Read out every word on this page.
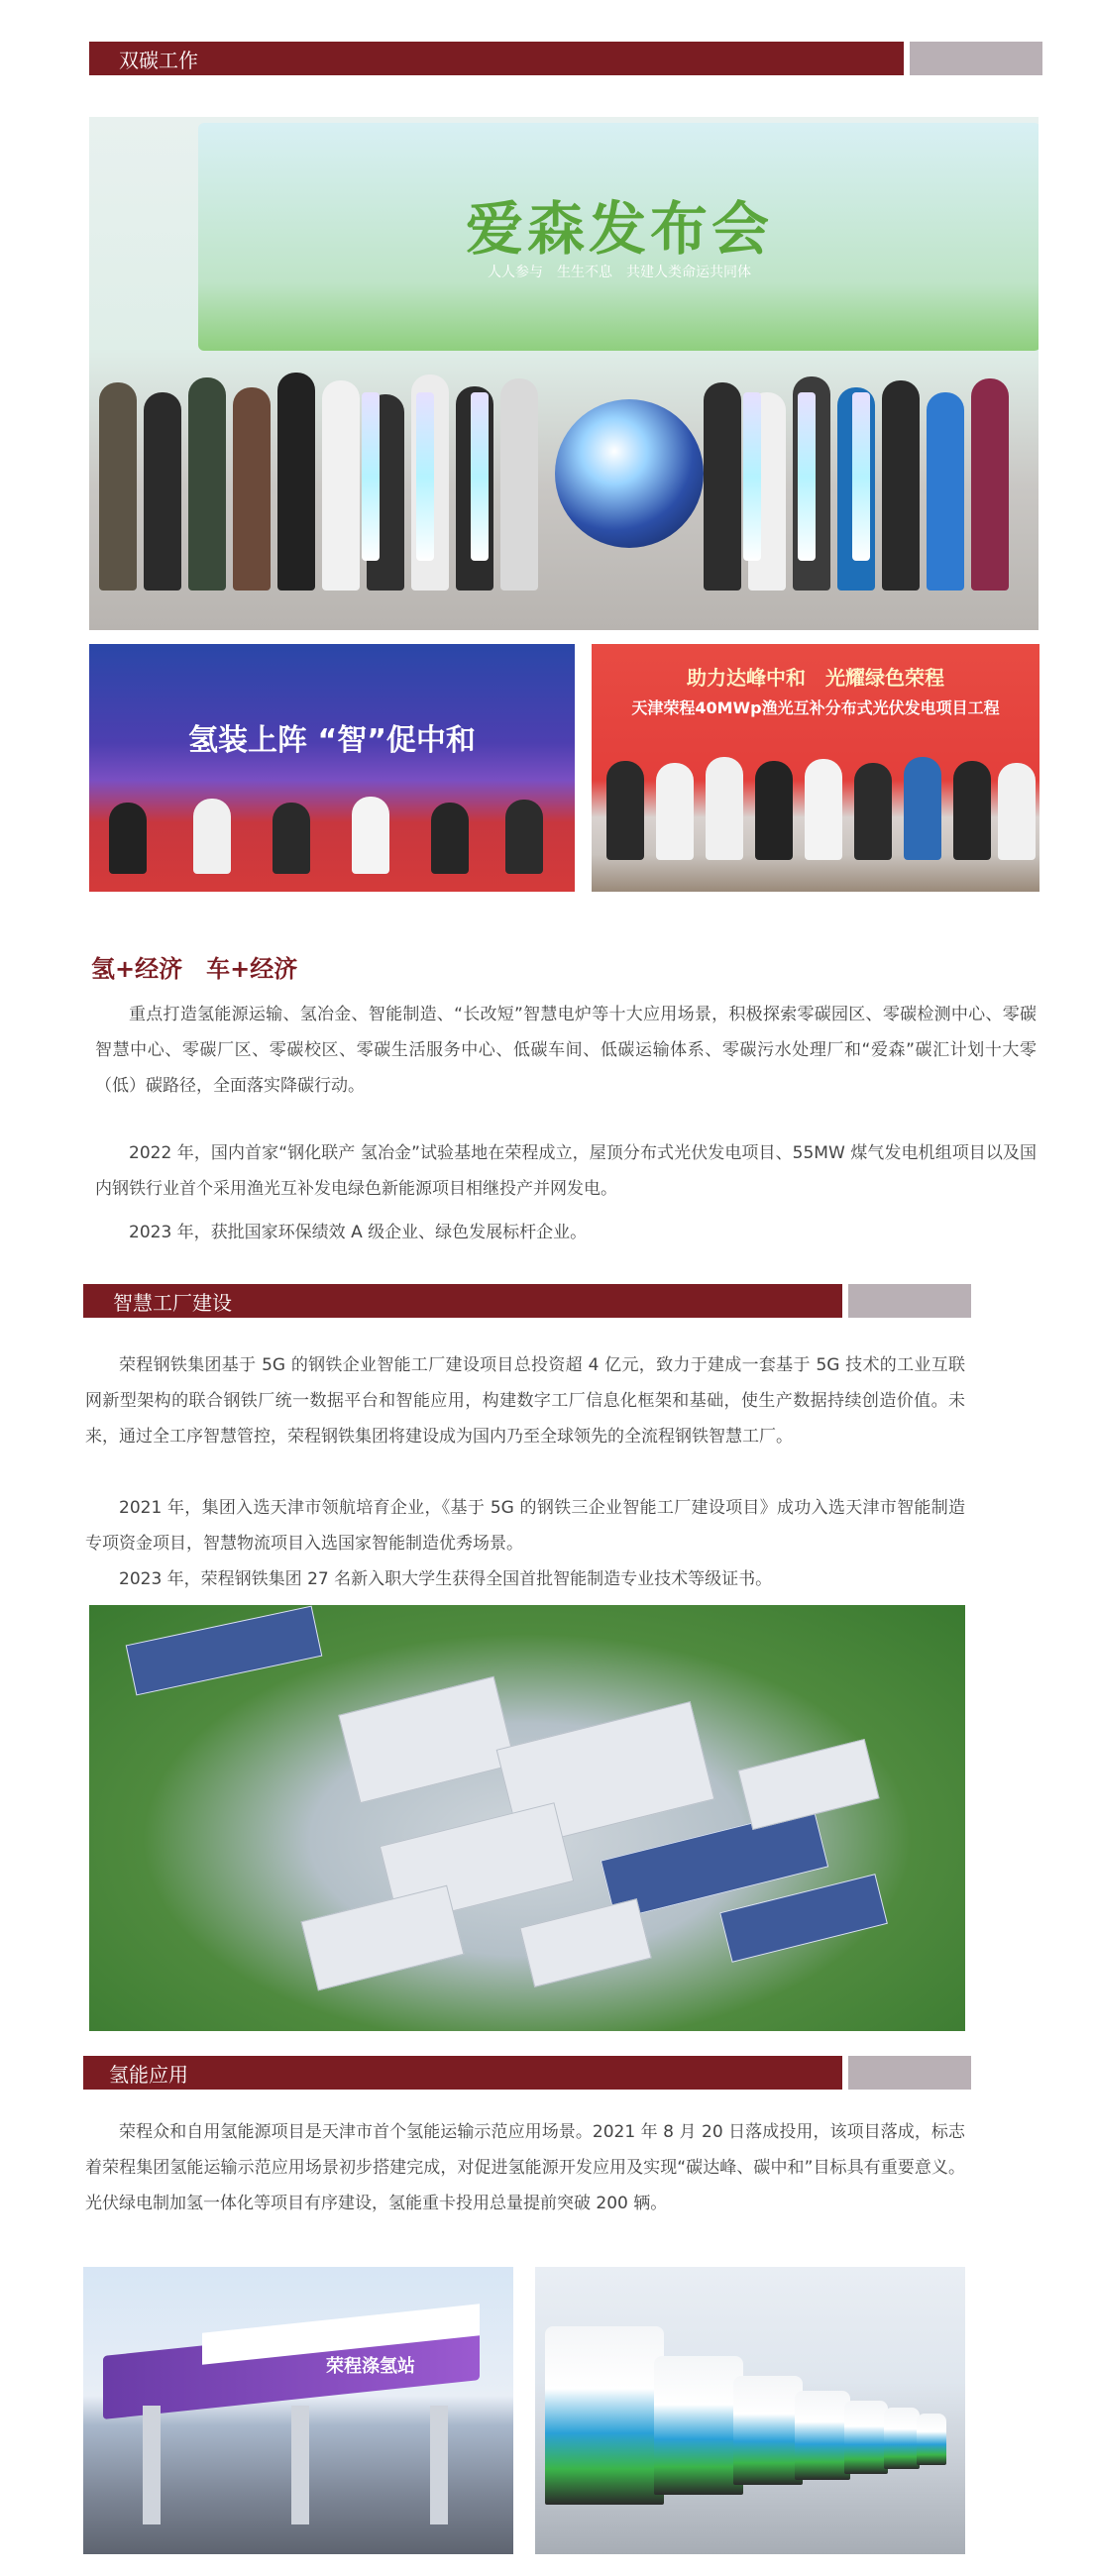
双碳工作
爱森发布会
人人参与　生生不息　共建人类命运共同体
氢装上阵 “智”促中和
助力达峰中和　光耀绿色荣程
天津荣程40MWp渔光互补分布式光伏发电项目工程
氢+经济　车+经济

重点打造氢能源运输、氢冶金、智能制造、“长改短”智慧电炉等十大应用场景，积极探索零碳园区、零碳检测中心、零碳智慧中心、零碳厂区、零碳校区、零碳生活服务中心、低碳车间、低碳运输体系、零碳污水处理厂和“爱森”碳汇计划十大零（低）碳路径，全面落实降碳行动。

2022 年，国内首家“钢化联产 氢冶金”试验基地在荣程成立，屋顶分布式光伏发电项目、55MW 煤气发电机组项目以及国内钢铁行业首个采用渔光互补发电绿色新能源项目相继投产并网发电。

2023 年，获批国家环保绩效 A 级企业、绿色发展标杆企业。

智慧工厂建设

荣程钢铁集团基于 5G 的钢铁企业智能工厂建设项目总投资超 4 亿元，致力于建成一套基于 5G 技术的工业互联网新型架构的联合钢铁厂统一数据平台和智能应用，构建数字工厂信息化框架和基础，使生产数据持续创造价值。未来，通过全工序智慧管控，荣程钢铁集团将建设成为国内乃至全球领先的全流程钢铁智慧工厂。

2021 年，集团入选天津市领航培育企业，《基于 5G 的钢铁三企业智能工厂建设项目》成功入选天津市智能制造专项资金项目，智慧物流项目入选国家智能制造优秀场景。

2023 年，荣程钢铁集团 27 名新入职大学生获得全国首批智能制造专业技术等级证书。

氢能应用

荣程众和自用氢能源项目是天津市首个氢能运输示范应用场景。2021 年 8 月 20 日落成投用，该项目落成，标志着荣程集团氢能运输示范应用场景初步搭建完成，对促进氢能源开发应用及实现“碳达峰、碳中和”目标具有重要意义。光伏绿电制加氢一体化等项目有序建设，氢能重卡投用总量提前突破 200 辆。

荣程涤氢站
